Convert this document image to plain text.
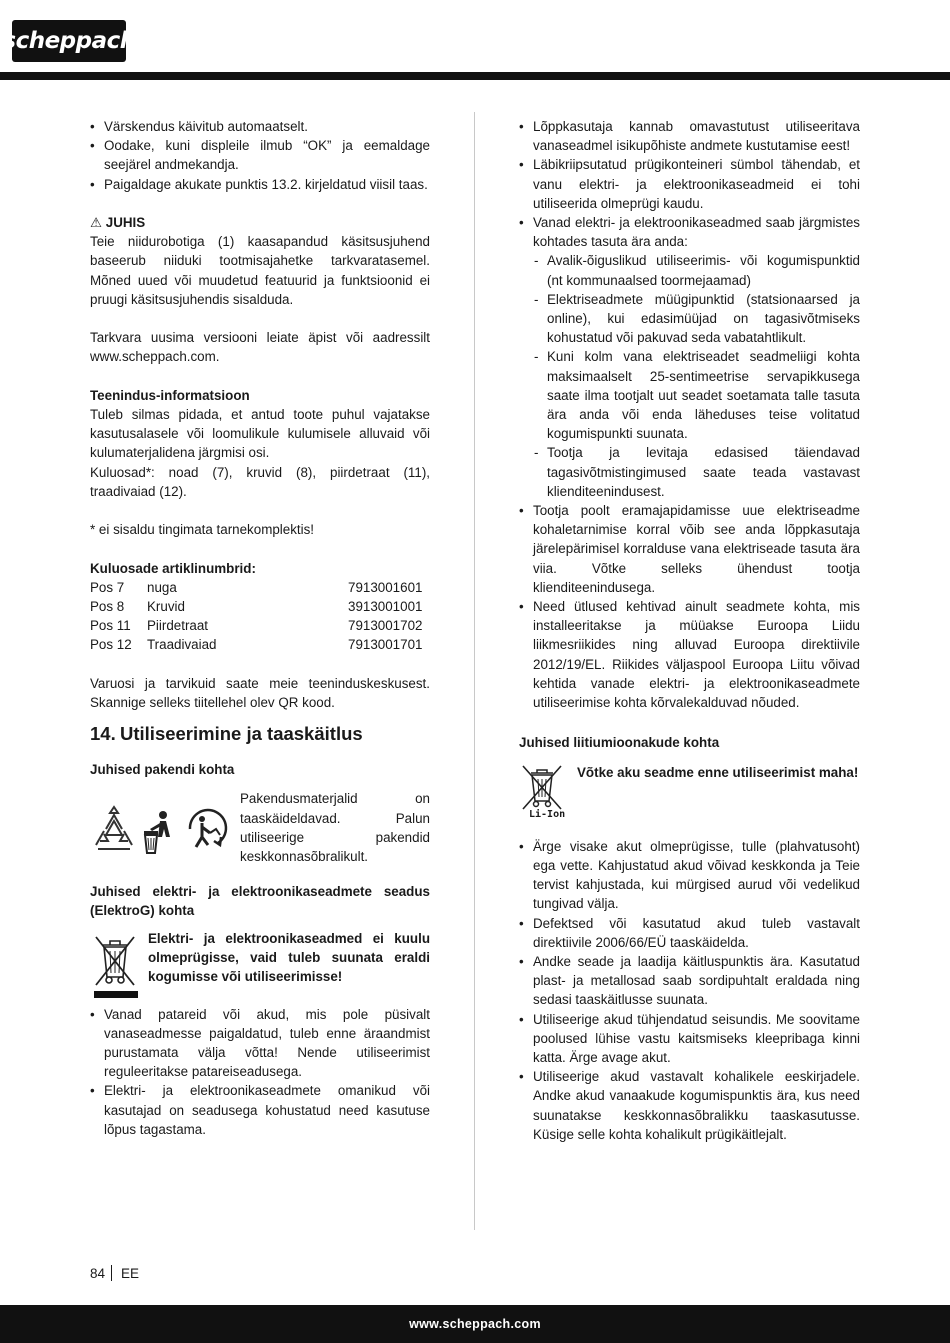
scheppach
• Värskendus käivitub automaatselt.
• Oodake, kuni displeile ilmub “OK” ja eemaldage seejärel andmekandja.
• Paigaldage akukate punktis 13.2. kirjeldatud viisil taas.

⚠ JUHIS

Teie niidurobotiga (1) kaasapandud käsitsusjuhend baseerub niiduki tootmisajahetke tarkvaratasemel. Mõned uued või muudetud featuurid ja funktsioonid ei pruugi käsitsusjuhendis sisalduda.

Tarkvara uusima versiooni leiate äpist või aadressilt www.scheppach.com.

Teenindus-informatsioon

Tuleb silmas pidada, et antud toote puhul vajatakse kasutusalasele või loomulikule kulumisele alluvaid või kulumaterjalidena järgmisi osi.

Kuluosad*: noad (7), kruvid (8), piirdetraat (11), traadivaiad (12).

* ei sisaldu tingimata tarnekomplektis!

Kuluosade artiklinumbrid:

Pos 7	nuga	7913001601
Pos 8	Kruvid	3913001001
Pos 11	Piirdetraat	7913001702
Pos 12	Traadivaiad	7913001701

Varuosi ja tarvikuid saate meie teeninduskeskusest. Skannige selleks tiitellehel olev QR kood.

14. Utiliseerimine ja taaskäitlus

Juhised pakendi kohta

Pakendusmaterjalid on taaskäideldavad. Palun utiliseerige pakendid keskkonnasõbralikult.

Juhised elektri- ja elektroonikaseadmete seadus (ElektroG) kohta

Elektri- ja elektroonikaseadmed ei kuulu olmeprügisse, vaid tuleb suunata eraldi kogumisse või utiliseerimisse!

• Vanad patareid või akud, mis pole püsivalt vanaseadmesse paigaldatud, tuleb enne äraandmist purustamata välja võtta! Nende utiliseerimist reguleeritakse patareiseadusega.
• Elektri- ja elektroonikaseadmete omanikud või kasutajad on seadusega kohustatud need kasutuse lõpus tagastama.
• Lõppkasutaja kannab omavastutust utiliseeritava vanaseadmel isikupõhiste andmete kustutamise eest!
• Läbikriipsutatud prügikonteineri sümbol tähendab, et vanu elektri- ja elektroonikaseadmeid ei tohi utiliseerida olmeprügi kaudu.
• Vanad elektri- ja elektroonikaseadmed saab järgmistes kohtades tasuta ära anda:
- Avalik-õiguslikud utiliseerimis- või kogumispunktid (nt kommunaalsed toormejaamad)
- Elektriseadmete müügipunktid (statsionaarsed ja online), kui edasimüüjad on tagasivõtmiseks kohustatud või pakuvad seda vabatahtlikult.
- Kuni kolm vana elektriseadet seadmeliigi kohta maksimaalselt 25-sentimeetrise servapikkusega saate ilma tootjalt uut seadet soetamata talle tasuta ära anda või enda läheduses teise volitatud kogumispunkti suunata.
- Tootja ja levitaja edasised täiendavad tagasivõtmistingimused saate teada vastavast klienditeenindusest.
• Tootja poolt eramajapidamisse uue elektriseadme kohaletarnimise korral võib see anda lõppkasutaja järelepärimisel korralduse vana elektriseade tasuta ära viia. Võtke selleks ühendust tootja klienditeenindusega.
• Need ütlused kehtivad ainult seadmete kohta, mis installeeritakse ja müüakse Euroopa Liidu liikmesriikides ning alluvad Euroopa direktiivile 2012/19/EL. Riikides väljaspool Euroopa Liitu võivad kehtida vanade elektri- ja elektroonikaseadmete utiliseerimise kohta kõrvalekalduvad nõuded.

Juhised liitiumioonakude kohta

Li-Ion

Võtke aku seadme enne utiliseerimist maha!

• Ärge visake akut olmeprügisse, tulle (plahvatusoht) ega vette. Kahjustatud akud võivad keskkonda ja Teie tervist kahjustada, kui mürgised aurud või vedelikud tungivad välja.
• Defektsed või kasutatud akud tuleb vastavalt direktiivile 2006/66/EÜ taaskäidelda.
• Andke seade ja laadija käitluspunktis ära. Kasutatud plast- ja metallosad saab sordipuhtalt eraldada ning sedasi taaskäitlusse suunata.
• Utiliseerige akud tühjendatud seisundis. Me soovitame poolused lühise vastu kaitsmiseks kleepribaga kinni katta. Ärge avage akut.
• Utiliseerige akud vastavalt kohalikele eeskirjadele. Andke akud vanaakude kogumispunktis ära, kus need suunatakse keskkonnasõbralikku taaskasutusse. Küsige selle kohta kohalikult prügikäitlejalt.
84 EE
www.scheppach.com
